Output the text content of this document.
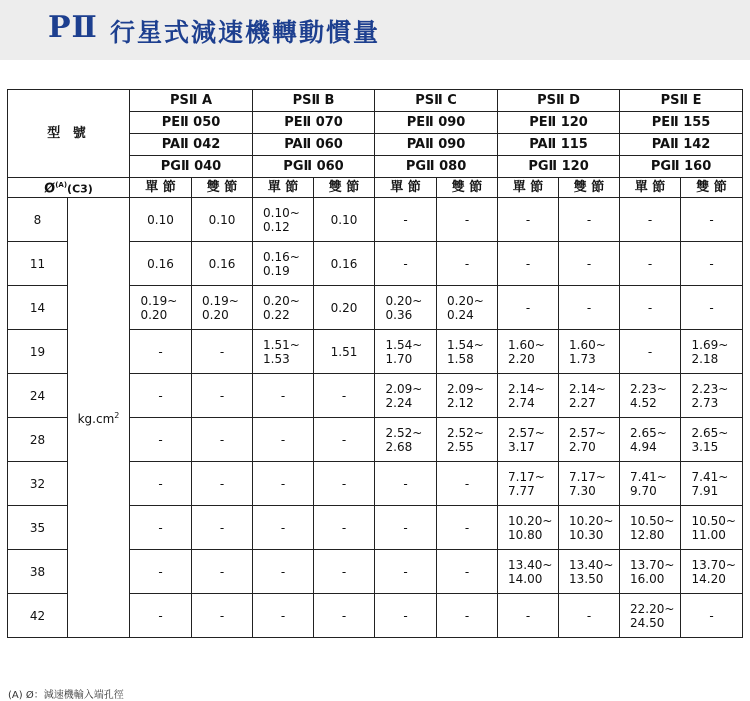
PⅡ 行星式減速機轉動慣量
型 號		PSⅡ A		PSⅡ B		PSⅡ C		PSⅡ D		PSⅡ E	
		PEⅡ 050		PEⅡ 070		PEⅡ 090		PEⅡ 120		PEⅡ 155	
		PAⅡ 042		PAⅡ 060		PAⅡ 090		PAⅡ 115		PAⅡ 142	
		PGⅡ 040		PGⅡ 060		PGⅡ 080		PGⅡ 120		PGⅡ 160	
$Ø^{(A)}(C3)$		單 節	雙 節	單 節	雙 節	單 節	雙 節	單 節	雙 節	單 節	雙 節
8	$kg.cm^2$	0.10	0.10	0.10~ 0.12	0.10	-	-	-	-	-	-
11		0.16	0.16	0.16~ 0.19	0.16	-	-	-	-	-	-
14		0.19~ 0.20	0.19~ 0.20	0.20~ 0.22	0.20	0.20~ 0.36	0.20~ 0.24	-	-	-	-
19		-	-	1.51~ 1.53	1.51	1.54~ 1.70	1.54~ 1.58	1.60~ 2.20	1.60~ 1.73	-	1.69~ 2.18
24		-	-	-	-	2.09~ 2.24	2.09~ 2.12	2.14~ 2.74	2.14~ 2.27	2.23~ 4.52	2.23~ 2.73
28		-	-	-	-	2.52~ 2.68	2.52~ 2.55	2.57~ 3.17	2.57~ 2.70	2.65~ 4.94	2.65~ 3.15
32		-	-	-	-	-	-	7.17~ 7.77	7.17~ 7.30	7.41~ 9.70	7.41~ 7.91
35		-	-	-	-	-	-	10.20~ 10.80	10.20~ 10.30	10.50~ 12.80	10.50~ 11.00
38		-	-	-	-	-	-	13.40~ 14.00	13.40~ 13.50	13.70~ 16.00	13.70~ 14.20
42		-	-	-	-	-	-	-	-	22.20~ 24.50	-
(A) Ø：減速機輸入端孔徑
